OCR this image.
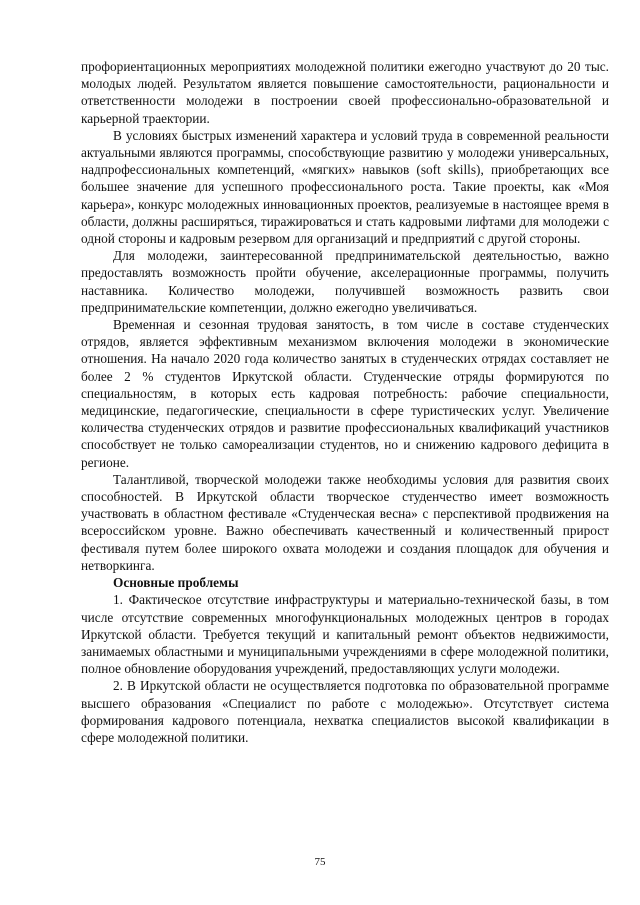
профориентационных мероприятиях молодежной политики ежегодно участвуют до 20 тыс. молодых людей. Результатом является повышение самостоятельности, рациональности и ответственности молодежи в построении своей профессионально-образовательной и карьерной траектории.

В условиях быстрых изменений характера и условий труда в современной реальности актуальными являются программы, способствующие развитию у молодежи универсальных, надпрофессиональных компетенций, «мягких» навыков (soft skills), приобретающих все большее значение для успешного профессионального роста. Такие проекты, как «Моя карьера», конкурс молодежных инновационных проектов, реализуемые в настоящее время в области, должны расширяться, тиражироваться и стать кадровыми лифтами для молодежи с одной стороны и кадровым резервом для организаций и предприятий с другой стороны.

Для молодежи, заинтересованной предпринимательской деятельностью, важно предоставлять возможность пройти обучение, акселерационные программы, получить наставника. Количество молодежи, получившей возможность развить свои предпринимательские компетенции, должно ежегодно увеличиваться.

Временная и сезонная трудовая занятость, в том числе в составе студенческих отрядов, является эффективным механизмом включения молодежи в экономические отношения. На начало 2020 года количество занятых в студенческих отрядах составляет не более 2 % студентов Иркутской области. Студенческие отряды формируются по специальностям, в которых есть кадровая потребность: рабочие специальности, медицинские, педагогические, специальности в сфере туристических услуг. Увеличение количества студенческих отрядов и развитие профессиональных квалификаций участников способствует не только самореализации студентов, но и снижению кадрового дефицита в регионе.

Талантливой, творческой молодежи также необходимы условия для развития своих способностей. В Иркутской области творческое студенчество имеет возможность участвовать в областном фестивале «Студенческая весна» с перспективой продвижения на всероссийском уровне. Важно обеспечивать качественный и количественный прирост фестиваля путем более широкого охвата молодежи и создания площадок для обучения и нетворкинга.

Основные проблемы

1. Фактическое отсутствие инфраструктуры и материально-технической базы, в том числе отсутствие современных многофункциональных молодежных центров в городах Иркутской области. Требуется текущий и капитальный ремонт объектов недвижимости, занимаемых областными и муниципальными учреждениями в сфере молодежной политики, полное обновление оборудования учреждений, предоставляющих услуги молодежи.

2. В Иркутской области не осуществляется подготовка по образовательной программе высшего образования «Специалист по работе с молодежью». Отсутствует система формирования кадрового потенциала, нехватка специалистов высокой квалификации в сфере молодежной политики.

75
